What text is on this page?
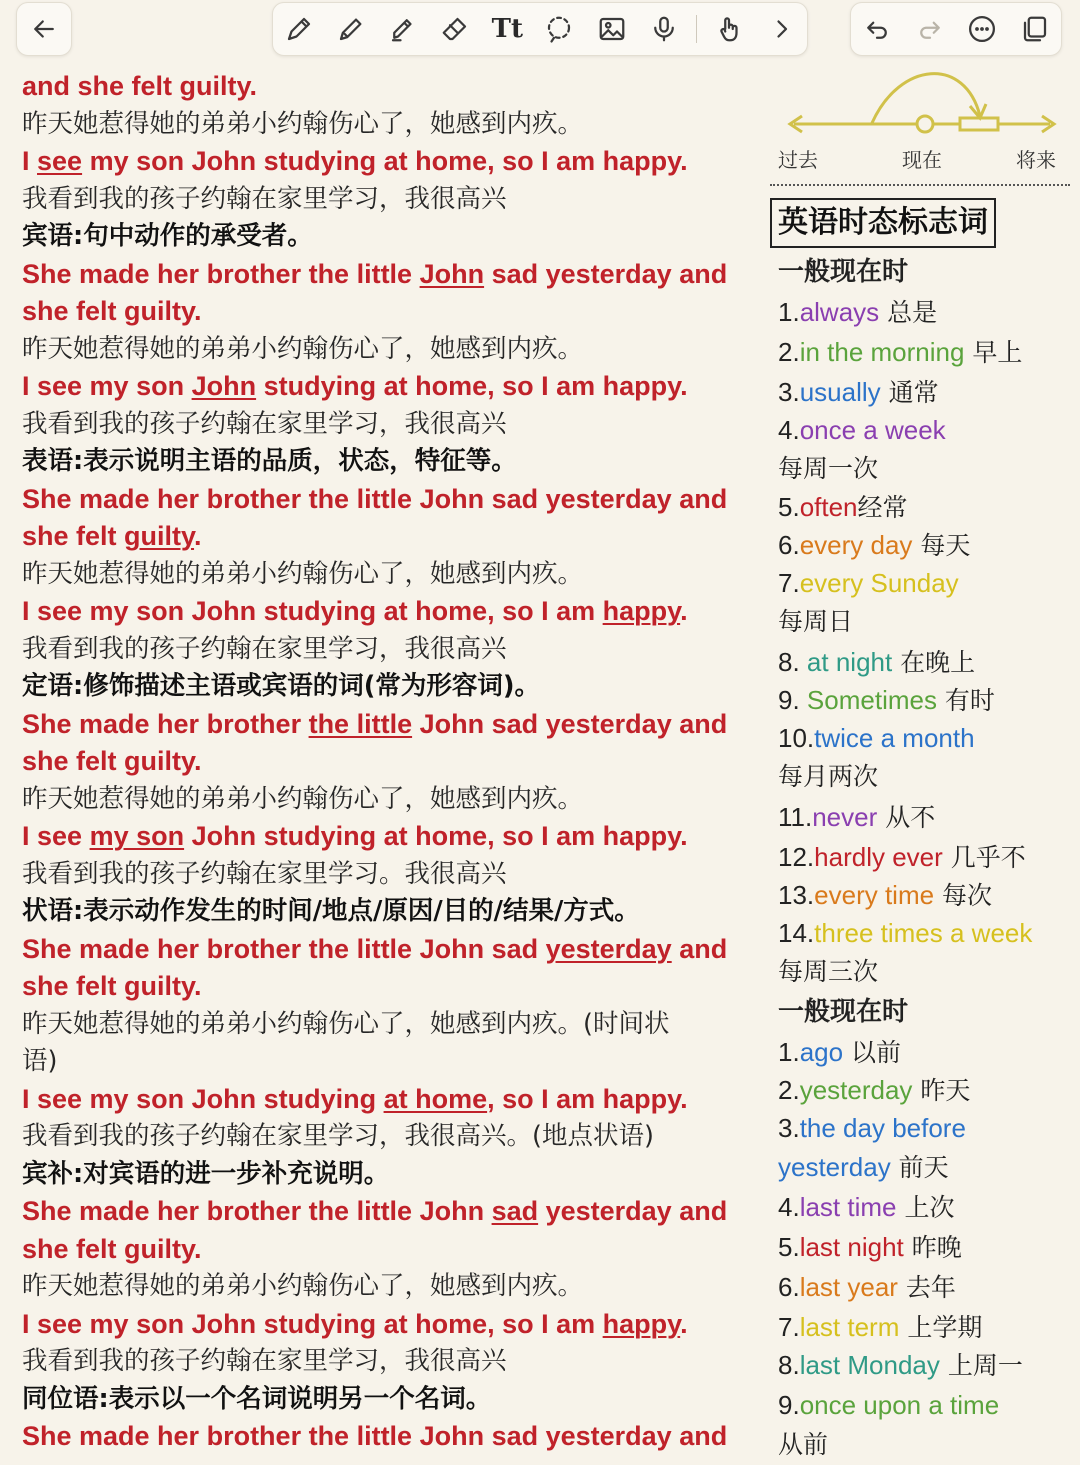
Tt
and she felt guilty.
昨天她惹得她的弟弟小约翰伤心了，她感到内疚。
I see my son John studying at home, so I am happy.
我看到我的孩子约翰在家里学习，我很高兴
宾语:句中动作的承受者。
She made her brother the little John sad yesterday and
she felt guilty.
昨天她惹得她的弟弟小约翰伤心了，她感到内疚。
I see my son John studying at home, so I am happy.
我看到我的孩子约翰在家里学习，我很高兴
表语:表示说明主语的品质，状态，特征等。
She made her brother the little John sad yesterday and
she felt guilty.
昨天她惹得她的弟弟小约翰伤心了，她感到内疚。
I see my son John studying at home, so I am happy.
我看到我的孩子约翰在家里学习，我很高兴
定语:修饰描述主语或宾语的词(常为形容词)。
She made her brother the little John sad yesterday and
she felt guilty.
昨天她惹得她的弟弟小约翰伤心了，她感到内疚。
I see my son John studying at home, so I am happy.
我看到我的孩子约翰在家里学习。我很高兴
状语:表示动作发生的时间/地点/原因/目的/结果/方式。
She made her brother the little John sad yesterday and
she felt guilty.
昨天她惹得她的弟弟小约翰伤心了，她感到内疚。(时间状
语)
I see my son John studying at home, so I am happy.
我看到我的孩子约翰在家里学习，我很高兴。(地点状语)
宾补:对宾语的进一步补充说明。
She made her brother the little John sad yesterday and
she felt guilty.
昨天她惹得她的弟弟小约翰伤心了，她感到内疚。
I see my son John studying at home, so I am happy.
我看到我的孩子约翰在家里学习，我很高兴
同位语:表示以一个名词说明另一个名词。
She made her brother the little John sad yesterday and
过去	现在	将来
英语时态标志词
一般现在时
1.always 总是
2.in the morning 早上
3.usually 通常
4.once a week
每周一次
5.often经常
6.every day 每天
7.every Sunday
每周日
8. at night 在晚上
9. Sometimes 有时
10.twice a month
每月两次
11.never 从不
12.hardly ever 几乎不
13.every time 每次
14.three times a week
每周三次
一般现在时
1.ago 以前
2.yesterday 昨天
3.the day before
yesterday 前天
4.last time 上次
5.last night 昨晚
6.last year 去年
7.last term 上学期
8.last Monday 上周一
9.once upon a time
从前
